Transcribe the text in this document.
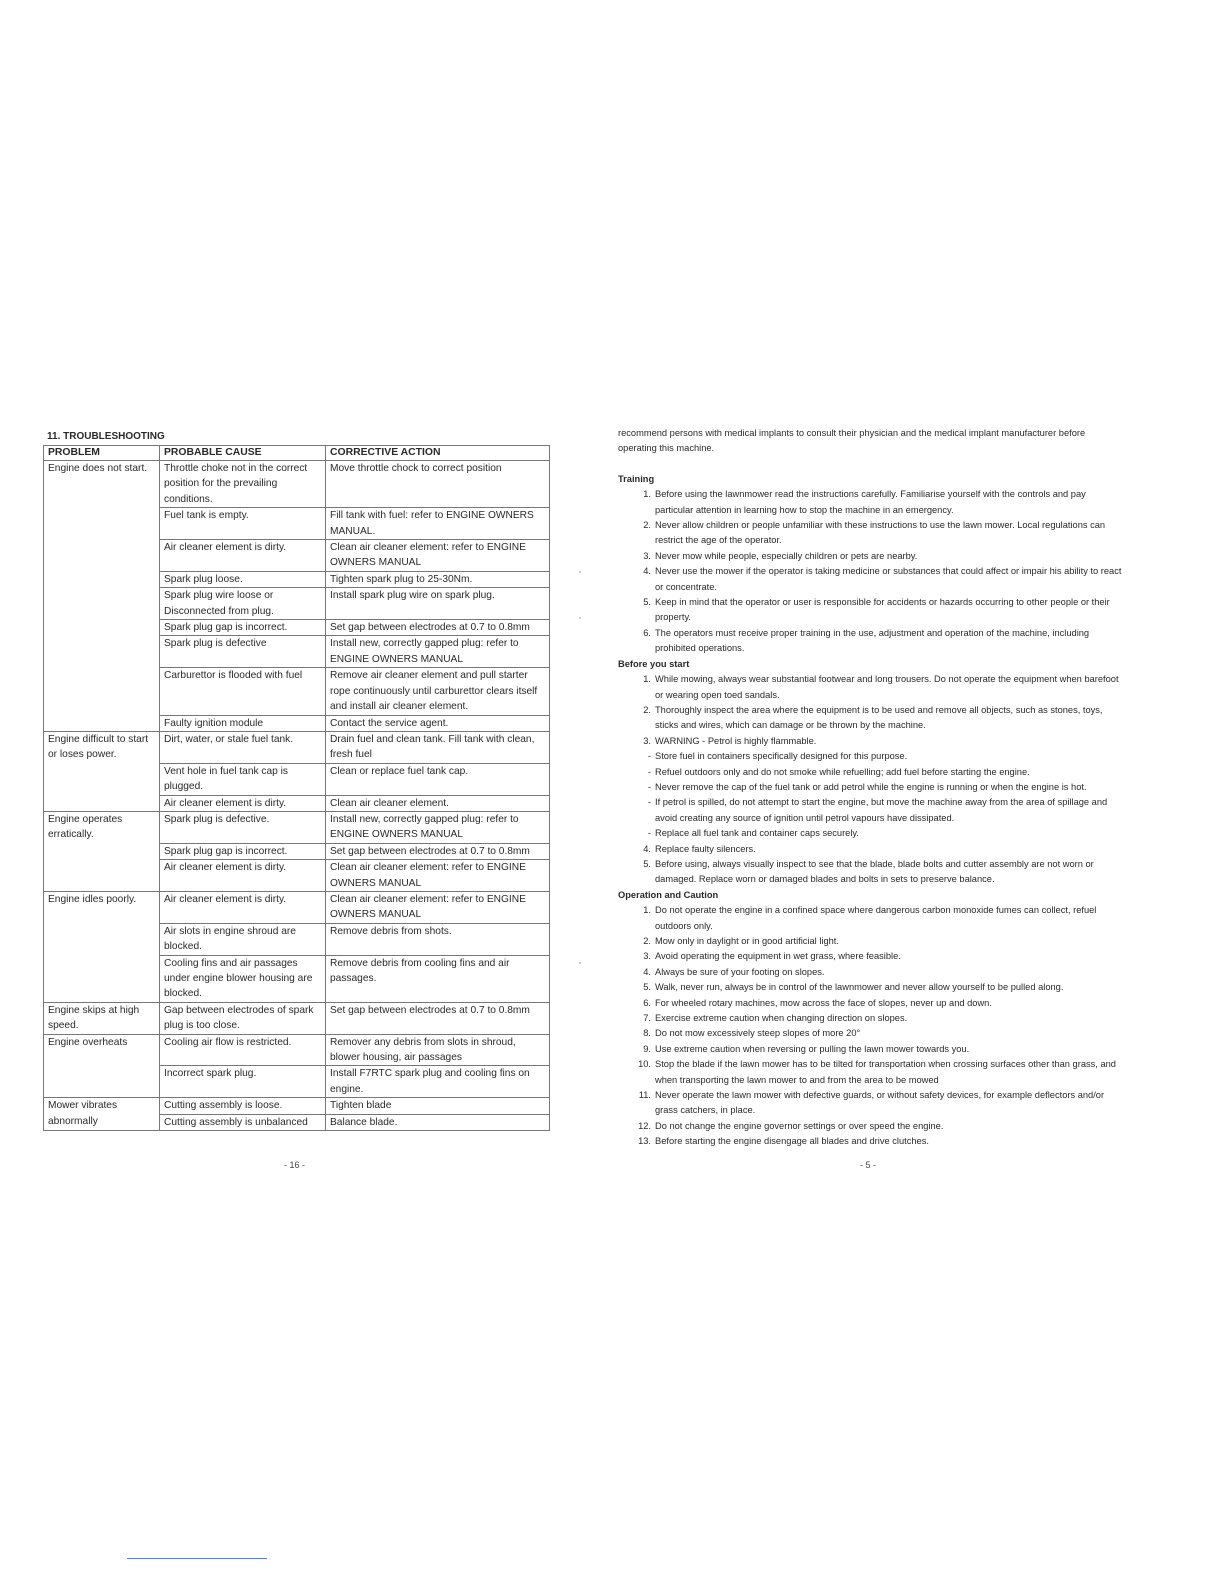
11. TROUBLESHOOTING
PROBLEM	PROBABLE CAUSE	CORRECTIVE ACTION
Engine does not start.	Throttle choke not in the correct position for the prevailing conditions.	Move throttle chock to correct position
	Fuel tank is empty.	Fill tank with fuel: refer to ENGINE OWNERS MANUAL.
	Air cleaner element is dirty.	Clean air cleaner element: refer to ENGINE OWNERS MANUAL
	Spark plug loose.	Tighten spark plug to 25-30Nm.
	Spark plug wire loose or Disconnected from plug.	Install spark plug wire on spark plug.
	Spark plug gap is incorrect.	Set gap between electrodes at 0.7 to 0.8mm
	Spark plug is defective	Install new, correctly gapped plug: refer to ENGINE OWNERS MANUAL
	Carburettor is flooded with fuel	Remove air cleaner element and pull starter rope continuously until carburettor clears itself and install air cleaner element.
	Faulty ignition module	Contact the service agent.
Engine difficult to start or loses power.	Dirt, water, or stale fuel tank.	Drain fuel and clean tank. Fill tank with clean, fresh fuel
	Vent hole in fuel tank cap is plugged.	Clean or replace fuel tank cap.
	Air cleaner element is dirty.	Clean air cleaner element.
Engine operates erratically.	Spark plug is defective.	Install new, correctly gapped plug: refer to ENGINE OWNERS MANUAL
	Spark plug gap is incorrect.	Set gap between electrodes at 0.7 to 0.8mm
	Air cleaner element is dirty.	Clean air cleaner element: refer to ENGINE OWNERS MANUAL
Engine idles poorly.	Air cleaner element is dirty.	Clean air cleaner element: refer to ENGINE OWNERS MANUAL
	Air slots in engine shroud are blocked.	Remove debris from shots.
	Cooling fins and air passages under engine blower housing are blocked.	Remove debris from cooling fins and air passages.
Engine skips at high speed.	Gap between electrodes of spark plug is too close.	Set gap between electrodes at 0.7 to 0.8mm
Engine overheats	Cooling air flow is restricted.	Remover any debris from slots in shroud, blower housing, air passages
	Incorrect spark plug.	Install F7RTC spark plug and cooling fins on engine.
Mower vibrates abnormally	Cutting assembly is loose.	Tighten blade
	Cutting assembly is unbalanced	Balance blade.
- 16 -

recommend persons with medical implants to consult their physician and the medical implant manufacturer before operating this machine.

Training

1. Before using the lawnmower read the instructions carefully. Familiarise yourself with the controls and pay particular attention in learning how to stop the machine in an emergency.
2. Never allow children or people unfamiliar with these instructions to use the lawn mower. Local regulations can restrict the age of the operator.
3. Never mow while people, especially children or pets are nearby.
4. Never use the mower if the operator is taking medicine or substances that could affect or impair his ability to react or concentrate.
5. Keep in mind that the operator or user is responsible for accidents or hazards occurring to other people or their property.
6. The operators must receive proper training in the use, adjustment and operation of the machine, including prohibited operations.

Before you start

1. While mowing, always wear substantial footwear and long trousers. Do not operate the equipment when barefoot or wearing open toed sandals.
2. Thoroughly inspect the area where the equipment is to be used and remove all objects, such as stones, toys, sticks and wires, which can damage or be thrown by the machine.
3. WARNING - Petrol is highly flammable.
- Store fuel in containers specifically designed for this purpose.
- Refuel outdoors only and do not smoke while refuelling; add fuel before starting the engine.
- Never remove the cap of the fuel tank or add petrol while the engine is running or when the engine is hot.
- If petrol is spilled, do not attempt to start the engine, but move the machine away from the area of spillage and avoid creating any source of ignition until petrol vapours have dissipated.
- Replace all fuel tank and container caps securely.
4. Replace faulty silencers.
5. Before using, always visually inspect to see that the blade, blade bolts and cutter assembly are not worn or damaged. Replace worn or damaged blades and bolts in sets to preserve balance.

Operation and Caution

1. Do not operate the engine in a confined space where dangerous carbon monoxide fumes can collect, refuel outdoors only.
2. Mow only in daylight or in good artificial light.
3. Avoid operating the equipment in wet grass, where feasible.
4. Always be sure of your footing on slopes.
5. Walk, never run, always be in control of the lawnmower and never allow yourself to be pulled along.
6. For wheeled rotary machines, mow across the face of slopes, never up and down.
7. Exercise extreme caution when changing direction on slopes.
8. Do not mow excessively steep slopes of more 20°
9. Use extreme caution when reversing or pulling the lawn mower towards you.
10. Stop the blade if the lawn mower has to be tilted for transportation when crossing surfaces other than grass, and when transporting the lawn mower to and from the area to be mowed
11. Never operate the lawn mower with defective guards, or without safety devices, for example deflectors and/or grass catchers, in place.
12. Do not change the engine governor settings or over speed the engine.
13. Before starting the engine disengage all blades and drive clutches.
- 5 -
